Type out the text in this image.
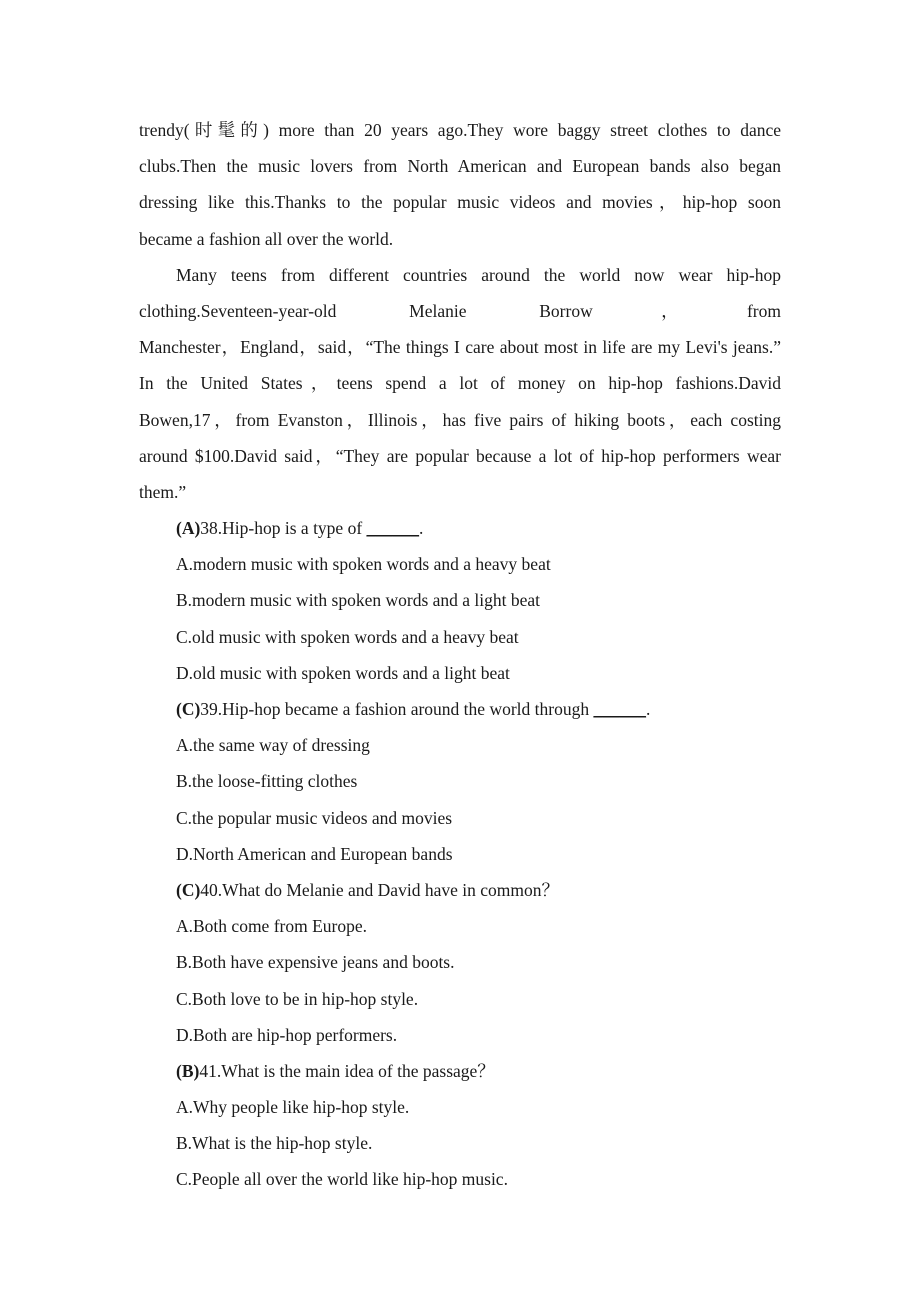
trendy(时髦的) more than 20 years ago.They wore baggy street clothes to dance
clubs.Then the music lovers from North American and European bands also began
dressing like this.Thanks to the popular music videos and movies，hip-hop soon
became a fashion all over the world.
Many teens from different countries around the world now wear hip-hop
clothing.Seventeen-year-old Melanie Borrow，from
Manchester，England，said，“The things I care about most in life are my Levi's jeans.”
In the United States，teens spend a lot of money on hip-hop fashions.David
Bowen,17，from Evanston，Illinois，has five pairs of hiking boots，each costing
around $100.David said，“They are popular because a lot of hip-hop performers wear
them.”
(A)38.Hip-hop is a type of ______.
A.modern music with spoken words and a heavy beat
B.modern music with spoken words and a light beat
C.old music with spoken words and a heavy beat
D.old music with spoken words and a light beat
(C)39.Hip-hop became a fashion around the world through ______.
A.the same way of dressing
B.the loose-fitting clothes
C.the popular music videos and movies
D.North American and European bands
(C)40.What do Melanie and David have in common？
A.Both come from Europe.
B.Both have expensive jeans and boots.
C.Both love to be in hip-hop style.
D.Both are hip-hop performers.
(B)41.What is the main idea of the passage？
A.Why people like hip-hop style.
B.What is the hip-hop style.
C.People all over the world like hip-hop music.
